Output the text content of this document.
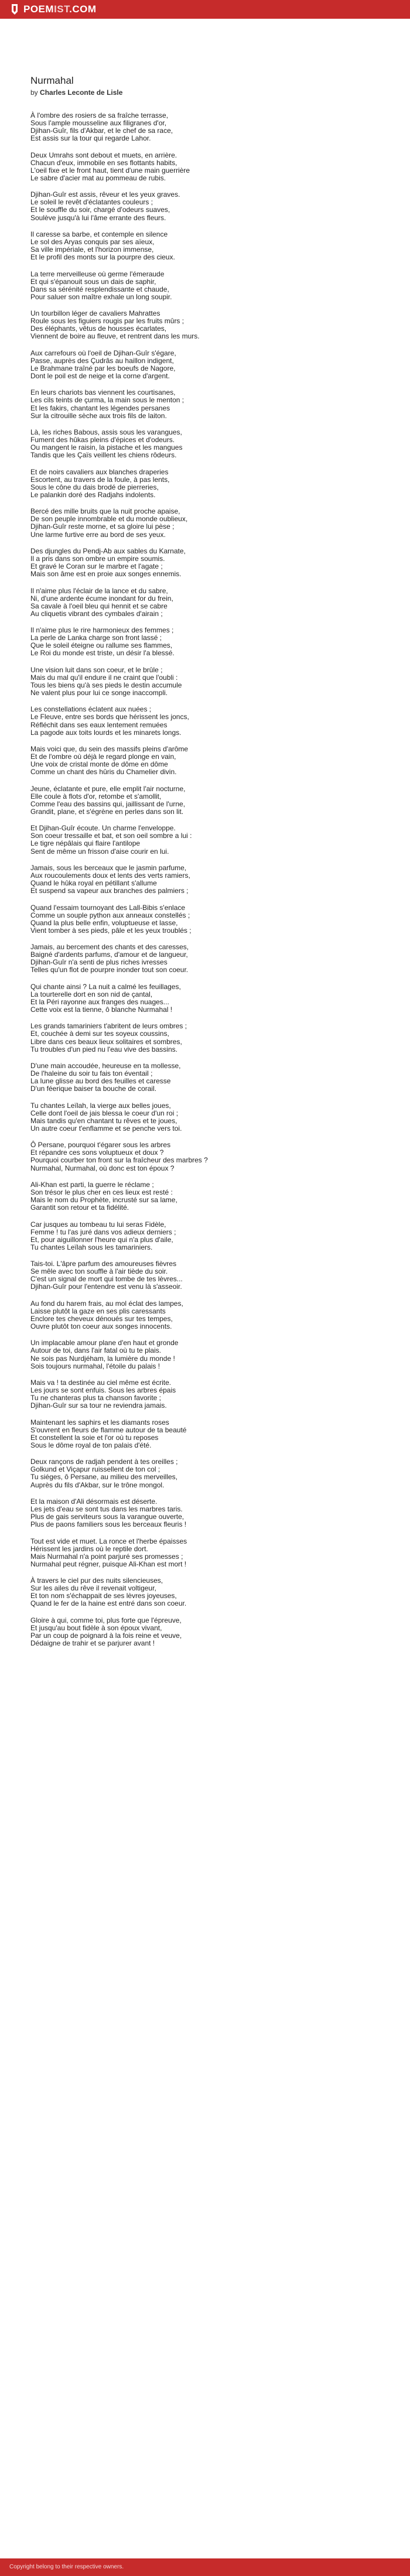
POEMIST.COM
Nurmahal
by Charles Leconte de Lisle
À l'ombre des rosiers de sa fraîche terrasse,
Sous l'ample mousseline aux filigranes d'or,
Djihan-Guîr, fils d'Akbar, et le chef de sa race,
Est assis sur la tour qui regarde Lahor.
Deux Umrahs sont debout et muets, en arrière.
Chacun d'eux, immobile en ses flottants habits,
L'oeil fixe et le front haut, tient d'une main guerrière
Le sabre d'acier mat au pommeau de rubis.
Djihan-Guîr est assis, rêveur et les yeux graves.
Le soleil le revêt d'éclatantes couleurs ;
Et le souffle du soir, chargé d'odeurs suaves,
Soulève jusqu'à lui l'âme errante des fleurs.
Il caresse sa barbe, et contemple en silence
Le sol des Aryas conquis par ses aïeux,
Sa ville impériale, et l'horizon immense,
Et le profil des monts sur la pourpre des cieux.
La terre merveilleuse où germe l'émeraude
Et qui s'épanouit sous un dais de saphir,
Dans sa sérénité resplendissante et chaude,
Pour saluer son maître exhale un long soupir.
Un tourbillon léger de cavaliers Mahrattes
Roule sous les figuiers rougis par les fruits mûrs ;
Des éléphants, vêtus de housses écarlates,
Viennent de boire au fleuve, et rentrent dans les murs.
Aux carrefours où l'oeil de Djihan-Guîr s'égare,
Passe, auprès des Çudrâs au haillon indigent,
Le Brahmane traîné par les boeufs de Nagore,
Dont le poil est de neige et la corne d'argent.
En leurs chariots bas viennent les courtisanes,
Les cils teints de çurma, la main sous le menton ;
Et les fakirs, chantant les légendes persanes
Sur la citrouille sèche aux trois fils de laiton.
Là, les riches Babous, assis sous les varangues,
Fument des hûkas pleins d'épices et d'odeurs.
Ou mangent le raisin, la pistache et les mangues
Tandis que les Çaïs veillent les chiens rôdeurs.
Et de noirs cavaliers aux blanches draperies
Escortent, au travers de la foule, à pas lents,
Sous le cône du dais brodé de pierreries,
Le palankin doré des Radjahs indolents.
Bercé des mille bruits que la nuit proche apaise,
De son peuple innombrable et du monde oublieux,
Djihan-Guîr reste morne, et sa gloire lui pèse ;
Une larme furtive erre au bord de ses yeux.
Des djungles du Pendj-Ab aux sables du Karnate,
Il a pris dans son ombre un empire soumis.
Et gravé le Coran sur le marbre et l'agate ;
Mais son âme est en proie aux songes ennemis.
Il n'aime plus l'éclair de la lance et du sabre,
Ni, d'une ardente écume inondant for du frein,
Sa cavale à l'oeil bleu qui hennit et se cabre
Au cliquetis vibrant des cymbales d'airain ;
Il n'aime plus le rire harmonieux des femmes ;
La perle de Lanka charge son front lassé ;
Que le soleil éteigne ou rallume ses flammes,
Le Roi du monde est triste, un désir l'a blessé.
Une vision luit dans son coeur, et le brûle ;
Mais du mal qu'il endure il ne craint que l'oubli :
Tous les biens qu'à ses pieds le destin accumule
Ne valent plus pour lui ce songe inaccompli.
Les constellations éclatent aux nuées ;
Le Fleuve, entre ses bords que hérissent les joncs,
Réfléchit dans ses eaux lentement remuées
La pagode aux toits lourds et les minarets longs.
Mais voici que, du sein des massifs pleins d'arôme
Et de l'ombre où déjà le regard plonge en vain,
Une voix de cristal monte de dôme en dôme
Comme un chant des hûris du Chamelier divin.
Jeune, éclatante et pure, elle emplit l'air nocturne,
Elle coule à flots d'or, retombe et s'amollit,
Comme l'eau des bassins qui, jaillissant de l'urne,
Grandit, plane, et s'égrène en perles dans son lit.
Et Djihan-Guîr écoute. Un charme l'enveloppe.
Son coeur tressaille et bat, et son oeil sombre a lui :
Le tigre népâlais qui flaire l'antilope
Sent de même un frisson d'aise courir en lui.
Jamais, sous les berceaux que le jasmin parfume,
Aux roucoulements doux et lents des verts ramiers,
Quand le hûka royal en pétillant s'allume
Et suspend sa vapeur aux branches des palmiers ;
Quand l'essaim tournoyant des Lall-Bibis s'enlace
Comme un souple python aux anneaux constellés ;
Quand la plus belle enfin, voluptueuse et lasse,
Vient tomber à ses pieds, pâle et les yeux troublés ;
Jamais, au bercement des chants et des caresses,
Baigné d'ardents parfums, d'amour et de langueur,
Djihan-Guîr n'a senti de plus riches ivresses
Telles qu'un flot de pourpre inonder tout son coeur.
Qui chante ainsi ? La nuit a calmé les feuillages,
La tourterelle dort en son nid de çantal,
Et la Péri rayonne aux franges des nuages...
Cette voix est la tienne, ô blanche Nurmahal !
Les grands tamariniers t'abritent de leurs ombres ;
Et, couchée à demi sur tes soyeux coussins,
Libre dans ces beaux lieux solitaires et sombres,
Tu troubles d'un pied nu l'eau vive des bassins.
D'une main accoudée, heureuse en ta mollesse,
De l'haleine du soir tu fais ton éventail ;
La lune glisse au bord des feuilles et caresse
D'un féerique baiser ta bouche de corail.
Tu chantes Leïlah, la vierge aux belles joues,
Celle dont l'oeil de jais blessa le coeur d'un roi ;
Mais tandis qu'en chantant tu rêves et te joues,
Un autre coeur t'enflamme et se penche vers toi.
Ô Persane, pourquoi t'égarer sous les arbres
Et répandre ces sons voluptueux et doux ?
Pourquoi courber ton front sur la fraîcheur des marbres ?
Nurmahal, Nurmahal, où donc est ton époux ?
Ali-Khan est parti, la guerre le réclame ;
Son trésor le plus cher en ces lieux est resté :
Mais le nom du Prophète, incrusté sur sa lame,
Garantit son retour et ta fidélité.
Car jusques au tombeau tu lui seras Fidèle,
Femme ! tu l'as juré dans vos adieux derniers ;
Et, pour aiguillonner l'heure qui n'a plus d'aile,
Tu chantes Leïlah sous les tamariniers.
Tais-toi. L'âpre parfum des amoureuses fièvres
Se mêle avec ton souffle à l'air tiède du soir.
C'est un signal de mort qui tombe de tes lèvres...
Djihan-Guîr pour l'entendre est venu là s'asseoir.
Au fond du harem frais, au mol éclat des lampes,
Laisse plutôt la gaze en ses plis caressants
Enclore tes cheveux dénoués sur tes tempes,
Ouvre plutôt ton coeur aux songes innocents.
Un implacable amour plane d'en haut et gronde
Autour de toi, dans l'air fatal où tu te plais.
Ne sois pas Nurdjéham, la lumière du monde !
Sois toujours nurmahal, l'étoile du palais !
Mais va ! ta destinée au ciel même est écrite.
Les jours se sont enfuis. Sous les arbres épais
Tu ne chanteras plus ta chanson favorite ;
Djihan-Guîr sur sa tour ne reviendra jamais.
Maintenant les saphirs et les diamants roses
S'ouvrent en fleurs de flamme autour de ta beauté
Et constellent la soie et l'or où tu reposes
Sous le dôme royal de ton palais d'été.
Deux rançons de radjah pendent à tes oreilles ;
Golkund et Viçapur ruissellent de ton col ;
Tu siéges, ô Persane, au milieu des merveilles,
Auprès du fils d'Akbar, sur le trône mongol.
Et la maison d'Ali désormais est déserte.
Les jets d'eau se sont tus dans les marbres taris.
Plus de gais serviteurs sous la varangue ouverte,
Plus de paons familiers sous les berceaux fleuris !
Tout est vide et muet. La ronce et l'herbe épaisses
Hérissent les jardins où le reptile dort.
Mais Nurmahal n'a point parjuré ses promesses ;
Nurmahal peut régner, puisque Ali-Khan est mort !
À travers le ciel pur des nuits silencieuses,
Sur les ailes du rêve il revenait voltigeur,
Et ton nom s'échappait de ses lèvres joyeuses,
Quand le fer de la haine est entré dans son coeur.
Gloire à qui, comme toi, plus forte que l'épreuve,
Et jusqu'au bout fidèle à son époux vivant,
Par un coup de poignard à la fois reine et veuve,
Dédaigne de trahir et se parjurer avant !
Copyright belong to their respective owners.
